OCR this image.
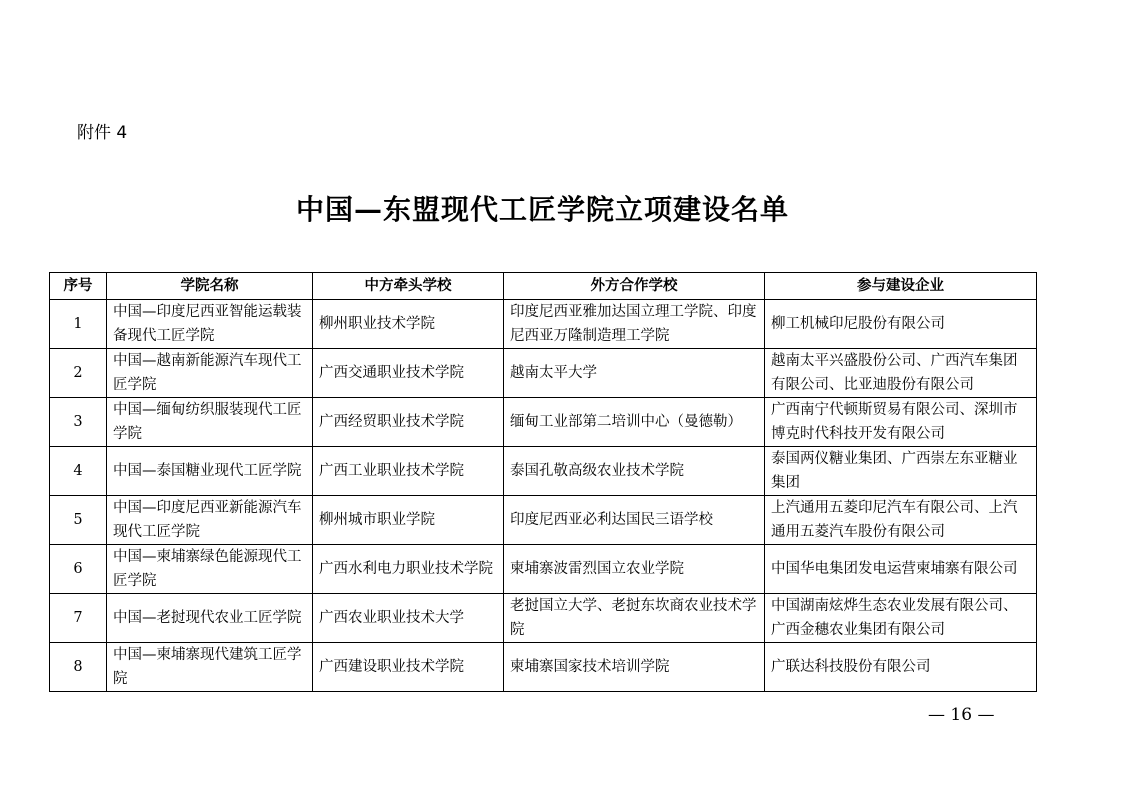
附件 4
中国—东盟现代工匠学院立项建设名单
序号	学院名称	中方牵头学校	外方合作学校	参与建设企业
1	中国—印度尼西亚智能运载装备现代工匠学院	柳州职业技术学院	印度尼西亚雅加达国立理工学院、印度尼西亚万隆制造理工学院	柳工机械印尼股份有限公司
2	中国—越南新能源汽车现代工匠学院	广西交通职业技术学院	越南太平大学	越南太平兴盛股份公司、广西汽车集团有限公司、比亚迪股份有限公司
3	中国—缅甸纺织服装现代工匠学院	广西经贸职业技术学院	缅甸工业部第二培训中心（曼德勒）	广西南宁代顿斯贸易有限公司、深圳市博克时代科技开发有限公司
4	中国—泰国糖业现代工匠学院	广西工业职业技术学院	泰国孔敬高级农业技术学院	泰国两仪糖业集团、广西崇左东亚糖业集团
5	中国—印度尼西亚新能源汽车现代工匠学院	柳州城市职业学院	印度尼西亚必利达国民三语学校	上汽通用五菱印尼汽车有限公司、上汽通用五菱汽车股份有限公司
6	中国—柬埔寨绿色能源现代工匠学院	广西水利电力职业技术学院	柬埔寨波雷烈国立农业学院	中国华电集团发电运营柬埔寨有限公司
7	中国—老挝现代农业工匠学院	广西农业职业技术大学	老挝国立大学、老挝东坎商农业技术学院	中国湖南炫烨生态农业发展有限公司、广西金穗农业集团有限公司
8	中国—柬埔寨现代建筑工匠学院	广西建设职业技术学院	柬埔寨国家技术培训学院	广联达科技股份有限公司
— 16 —
